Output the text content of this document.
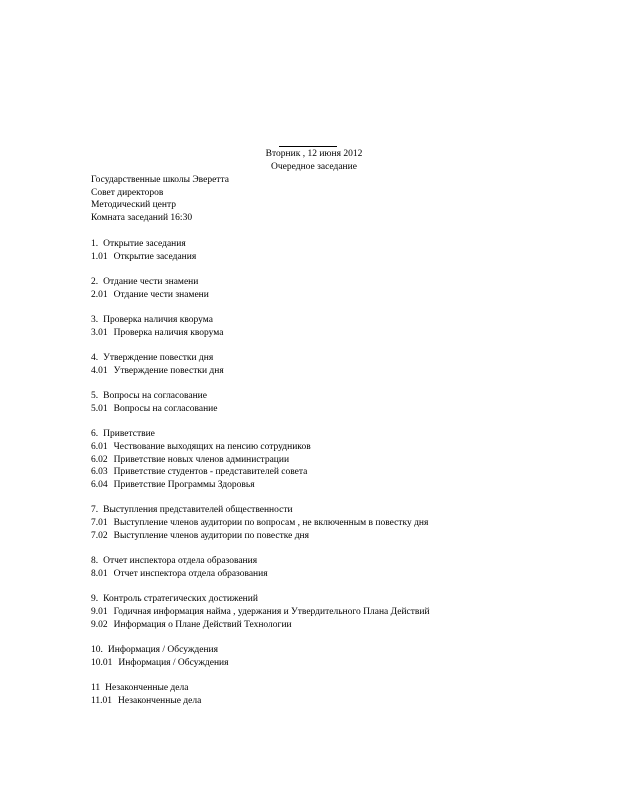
Вторник , 12 июня 2012
Очередное заседание
Государственные школы Эверетта
Совет директоров
Методический центр
Комната заседаний 16:30
1. Открытие заседания
1.01 Открытие заседания
2. Отдание чести знамени
2.01 Отдание чести знамени
3. Проверка наличия кворума
3.01 Проверка наличия кворума
4. Утверждение повестки дня
4.01 Утверждение повестки дня
5. Вопросы на согласование
5.01 Вопросы на согласование
6. Приветствие
6.01 Чествование выходящих на пенсию сотрудников
6.02 Приветствие новых членов администрации
6.03 Приветствие студентов - представителей совета
6.04 Приветствие Программы Здоровья
7. Выступления представителей общественности
7.01 Выступление членов аудитории по вопросам , не включенным в повестку дня
7.02 Выступление членов аудитории по повестке дня
8. Отчет инспектора отдела образования
8.01 Отчет инспектора отдела образования
9. Контроль стратегических достижений
9.01 Годичная информация найма , удержания и Утвердительного Плана Действий
9.02 Информация о Плане Действий Технологии
10. Информация / Обсуждения
10.01 Информация / Обсуждения
11 Незаконченные дела
11.01 Незаконченные дела
